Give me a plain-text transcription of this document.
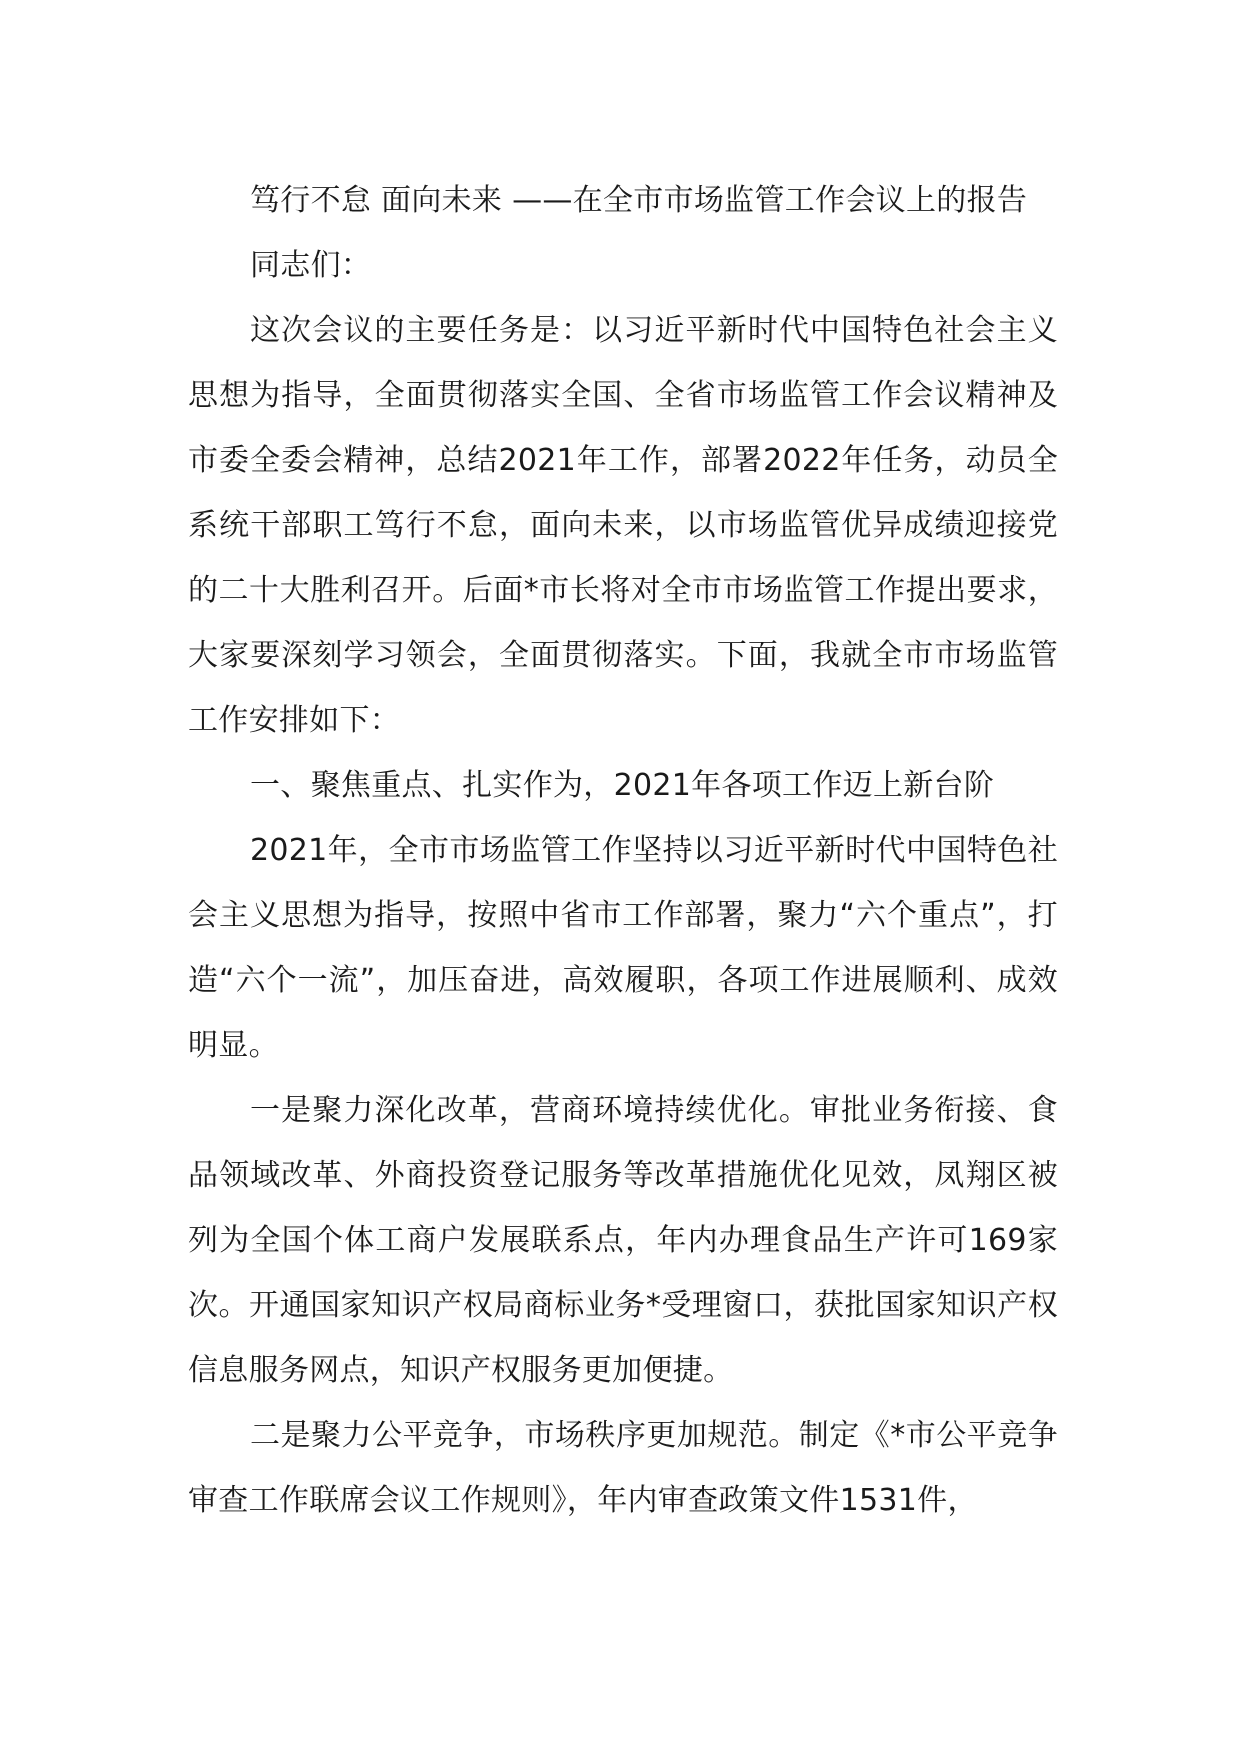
笃行不怠 面向未来 ——在全市市场监管工作会议上的报告

同志们：

这次会议的主要任务是：以习近平新时代中国特色社会主义思想为指导，全面贯彻落实全国、全省市场监管工作会议精神及市委全委会精神，总结2021年工作，部署2022年任务，动员全系统干部职工笃行不怠，面向未来，以市场监管优异成绩迎接党的二十大胜利召开。后面*市长将对全市市场监管工作提出要求，大家要深刻学习领会，全面贯彻落实。下面，我就全市市场监管工作安排如下：

一、聚焦重点、扎实作为，2021年各项工作迈上新台阶

2021年，全市市场监管工作坚持以习近平新时代中国特色社会主义思想为指导，按照中省市工作部署，聚力“六个重点”，打造“六个一流”，加压奋进，高效履职，各项工作进展顺利、成效明显。

一是聚力深化改革，营商环境持续优化。审批业务衔接、食品领域改革、外商投资登记服务等改革措施优化见效，凤翔区被列为全国个体工商户发展联系点，年内办理食品生产许可169家次。开通国家知识产权局商标业务*受理窗口，获批国家知识产权信息服务网点，知识产权服务更加便捷。

二是聚力公平竞争，市场秩序更加规范。制定《*市公平竞争审查工作联席会议工作规则》，年内审查政策文件1531件，
